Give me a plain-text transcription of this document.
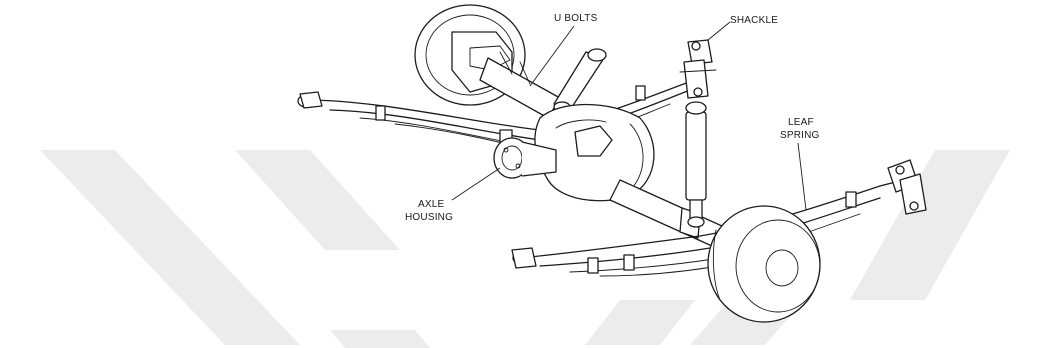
U BOLTS	SHACKLE
LEAF
SPRING
AXLE
HOUSING
